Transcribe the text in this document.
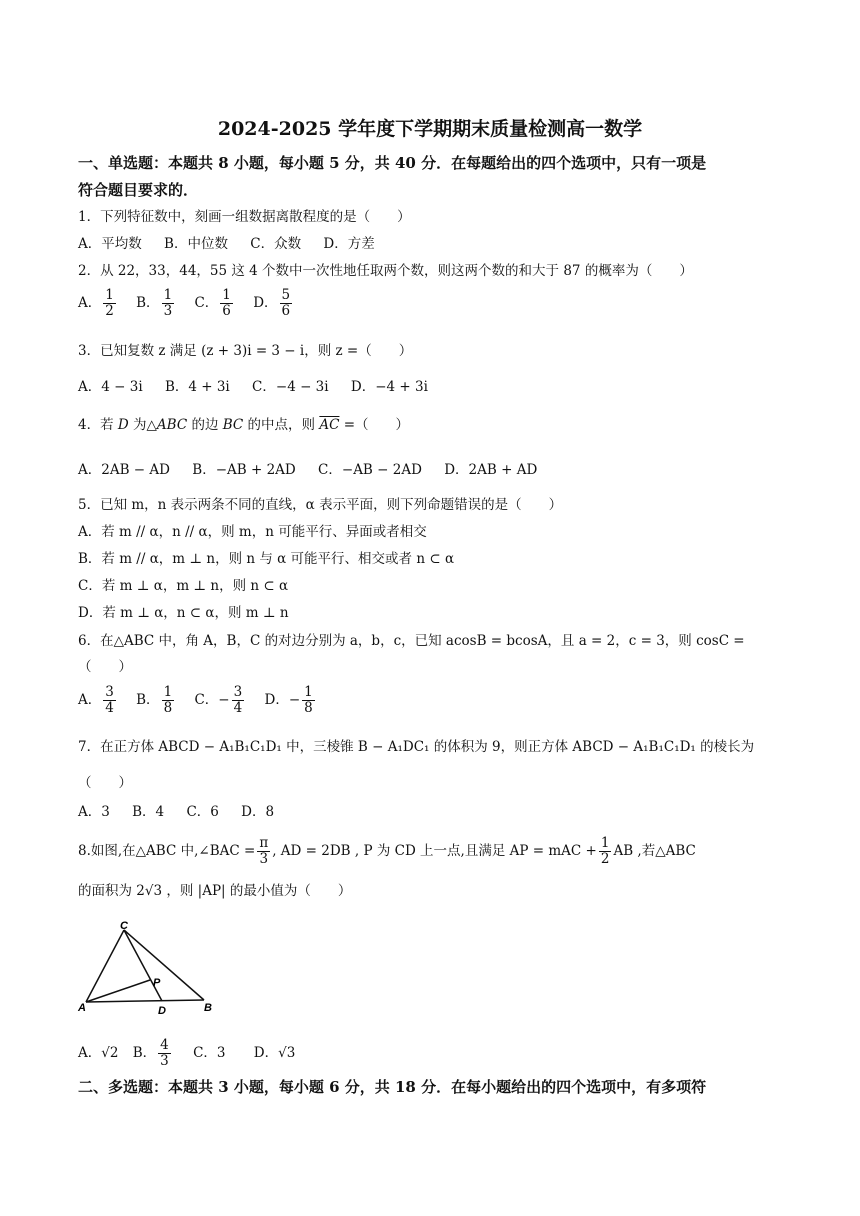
2024-2025 学年度下学期期末质量检测高一数学
一、单选题：本题共 8 小题，每小题 5 分，共 40 分．在每题给出的四个选项中，只有一项是
符合题目要求的．
1．下列特征数中，刻画一组数据离散程度的是（　　）
A．平均数 B．中位数 C．众数 D．方差
2．从 22，33，44，55 这 4 个数中一次性地任取两个数，则这两个数的和大于 87 的概率为（　　）
A． $\frac{1}{2}$ B． $\frac{1}{3}$ C． $\frac{1}{6}$ D． $\frac{5}{6}$
3．已知复数 z 满足 (z + 3)i = 3 − i，则 z =（　　）
A．4 − 3i B．4 + 3i C．−4 − 3i D．−4 + 3i
4．若 D 为△ABC 的边 BC 的中点，则 $\overline{AC}$ =（　　）
A．2AB − AD B．−AB + 2AD C．−AB − 2AD D．2AB + AD
5．已知 m，n 表示两条不同的直线，α 表示平面，则下列命题错误的是（　　）
A．若 m // α，n // α，则 m，n 可能平行、异面或者相交
B．若 m // α，m ⊥ n，则 n 与 α 可能平行、相交或者 n ⊂ α
C．若 m ⊥ α，m ⊥ n，则 n ⊂ α
D．若 m ⊥ α，n ⊂ α，则 m ⊥ n
6．在△ABC 中，角 A，B，C 的对边分别为 a，b，c，已知 acosB = bcosA，且 a = 2，c = 3，则 cosC =
（　　）
A． $\frac{3}{4}$ B． $\frac{1}{8}$ C．− $\frac{3}{4}$ D．− $\frac{1}{8}$
7．在正方体 ABCD − A₁B₁C₁D₁ 中，三棱锥 B − A₁DC₁ 的体积为 9，则正方体 ABCD − A₁B₁C₁D₁ 的棱长为
（　　）
A．3 B．4 C．6 D．8
8.如图,在△ABC 中,∠BAC = $\frac{\pi}{3}$ , AD = 2DB , P 为 CD 上一点,且满足 AP = mAC + $\frac{1}{2}$ AB ,若△ABC
的面积为 2√3 ，则 |AP| 的最小值为（　　）
C
P
A	D	B
A．√2 B． $\frac{4}{3}$ C．3 D．√3
二、多选题：本题共 3 小题，每小题 6 分，共 18 分．在每小题给出的四个选项中，有多项符
